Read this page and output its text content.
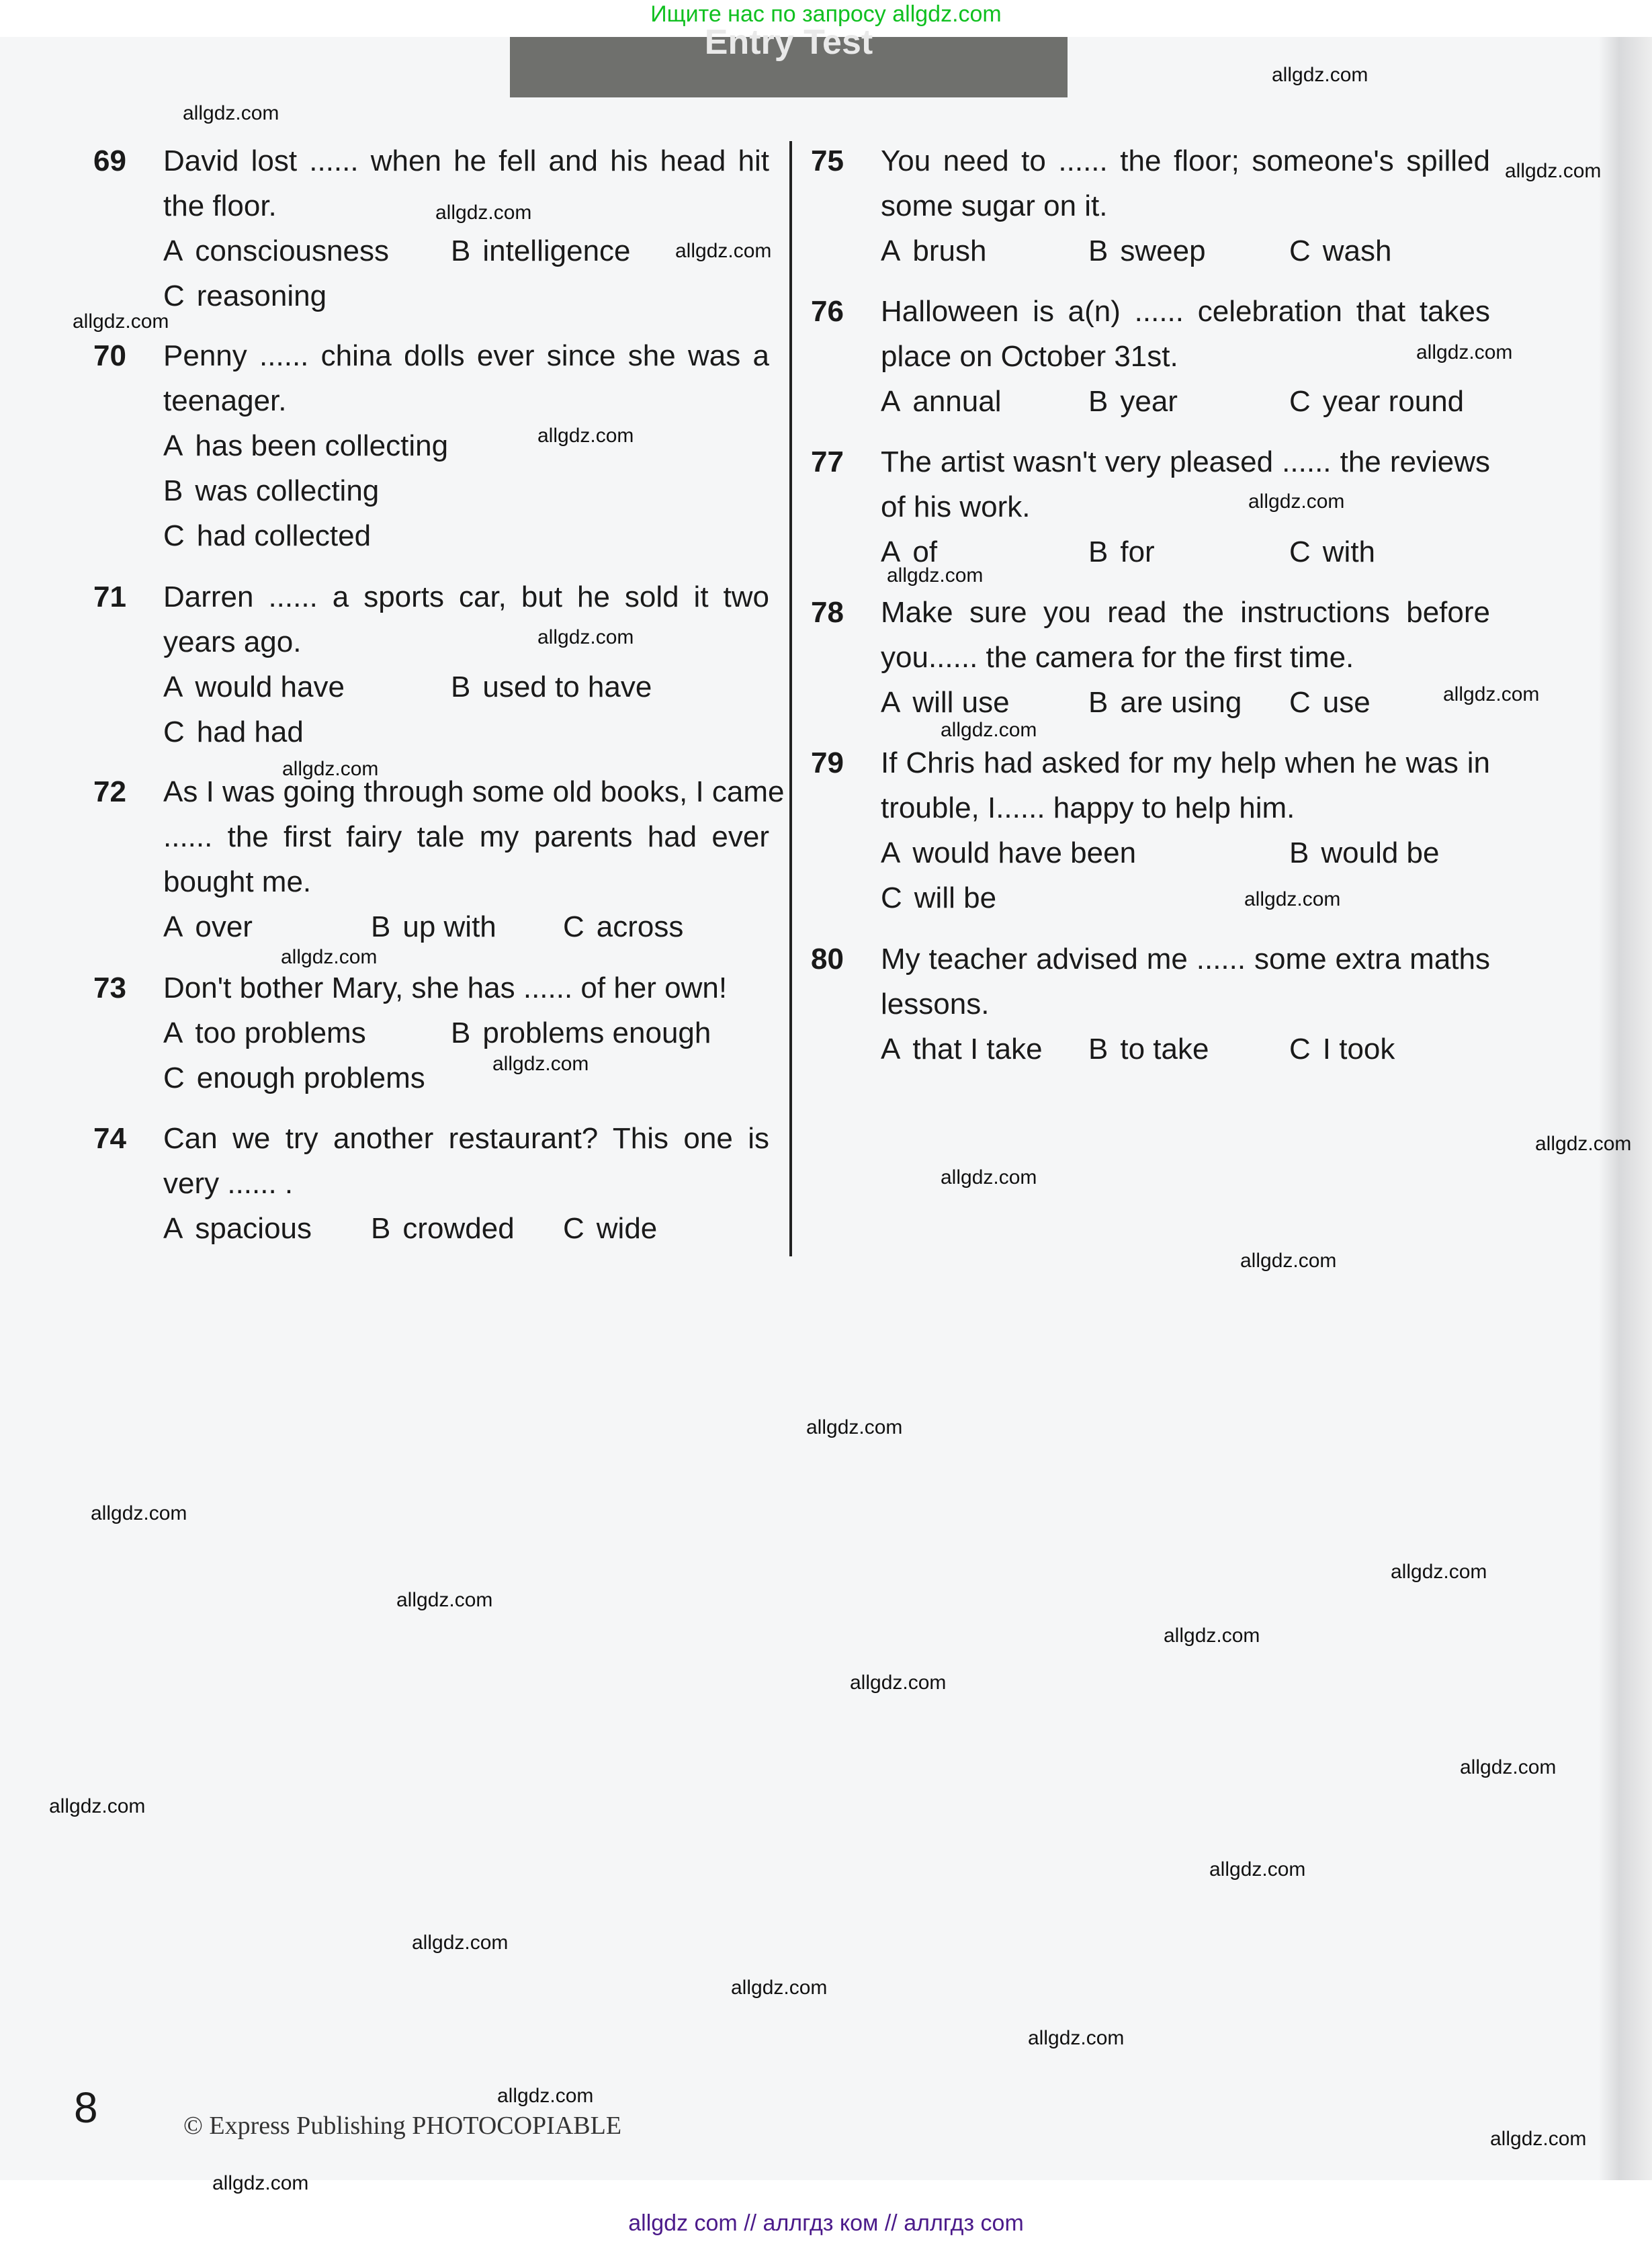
Ищите нас по запросу allgdz.com
Entry Test
69 David lost ...... when he fell and his head hit
the floor.
A consciousness B intelligence
C reasoning
70 Penny ...... china dolls ever since she was a
teenager.
A has been collecting
B was collecting
C had collected
71 Darren ...... a sports car, but he sold it two
years ago.
A would have	B used to have
C had had
72 As I was going through some old books, I came
...... the first fairy tale my parents had ever
bought me.
A over	B up with C across
73 Don't bother Mary, she has ...... of her own!
A too problems	B problems enough
C enough problems
74 Can we try another restaurant? This one is
very ...... .
A spacious B crowded C wide
75 You need to ...... the floor; someone's spilled
some sugar on it.
A brush	B sweep	C wash
76 Halloween is a(n) ...... celebration that takes
place on October 31st.
A annual	B year	C year round
77 The artist wasn't very pleased ...... the reviews
of his work.
A of	B for	C with
78 Make sure you read the instructions before
you...... the camera for the first time.
A will use	B are using C use
79 If Chris had asked for my help when he was in
trouble, I...... happy to help him.
A would have been	B would be
C will be
80 My teacher advised me ...... some extra maths
lessons.
A that I take B to take	C I took
allgdz.com
allgdz.com
allgdz.com
allgdz.com
allgdz.com
allgdz.com
allgdz.com
allgdz.com
allgdz.com
allgdz.com
allgdz.com
allgdz.com
allgdz.com
allgdz.com
allgdz.com
allgdz.com
allgdz.com
allgdz.com
allgdz.com
allgdz.com
allgdz.com
allgdz.com
allgdz.com
allgdz.com
allgdz.com
allgdz.com
allgdz.com
allgdz.com
allgdz.com
allgdz.com
allgdz.com
allgdz.com
allgdz.com
allgdz.com
allgdz.com
8	© Express Publishing PHOTOCOPIABLE
allgdz com // аллгдз ком // аллгдз com
